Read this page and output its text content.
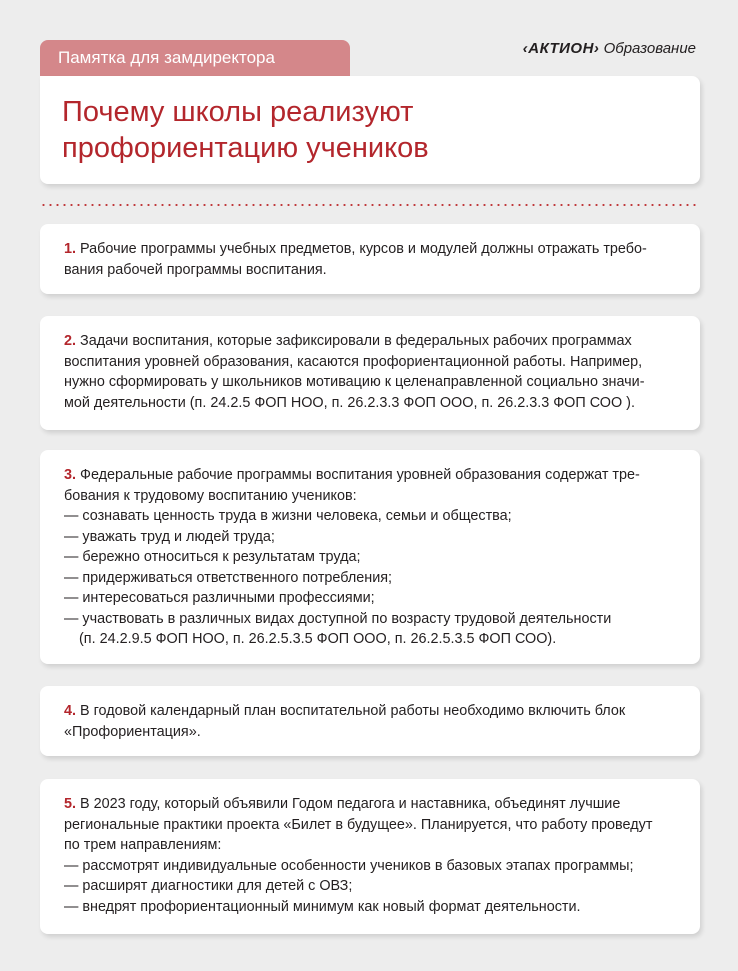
Памятка для замдиректора	‹АКТИОН› Образование
Почему школы реализуют
профориентацию учеников

1. Рабочие программы учебных предметов, курсов и модулей должны отражать требо-

вания рабочей программы воспитания.

2. Задачи воспитания, которые зафиксировали в федеральных рабочих программах

воспитания уровней образования, касаются профориентационной работы. Например,

нужно сформировать у школьников мотивацию к целенаправленной социально значи-

мой деятельности (п. 24.2.5 ФОП НОО, п. 26.2.3.3 ФОП ООО, п. 26.2.3.3 ФОП СОО ).

3. Федеральные рабочие программы воспитания уровней образования содержат тре-

бования к трудовому воспитанию учеников:

— сознавать ценность труда в жизни человека, семьи и общества;

— уважать труд и людей труда;

— бережно относиться к результатам труда;

— придерживаться ответственного потребления;

— интересоваться различными профессиями;

— участвовать в различных видах доступной по возрасту трудовой деятельности

(п. 24.2.9.5 ФОП НОО, п. 26.2.5.3.5 ФОП ООО, п. 26.2.5.3.5 ФОП СОО).

4. В годовой календарный план воспитательной работы необходимо включить блок

«Профориентация».

5. В 2023 году, который объявили Годом педагога и наставника, объединят лучшие

региональные практики проекта «Билет в будущее». Планируется, что работу проведут

по трем направлениям:

— рассмотрят индивидуальные особенности учеников в базовых этапах программы;

— расширят диагностики для детей с ОВЗ;

— внедрят профориентационный минимум как новый формат деятельности.
